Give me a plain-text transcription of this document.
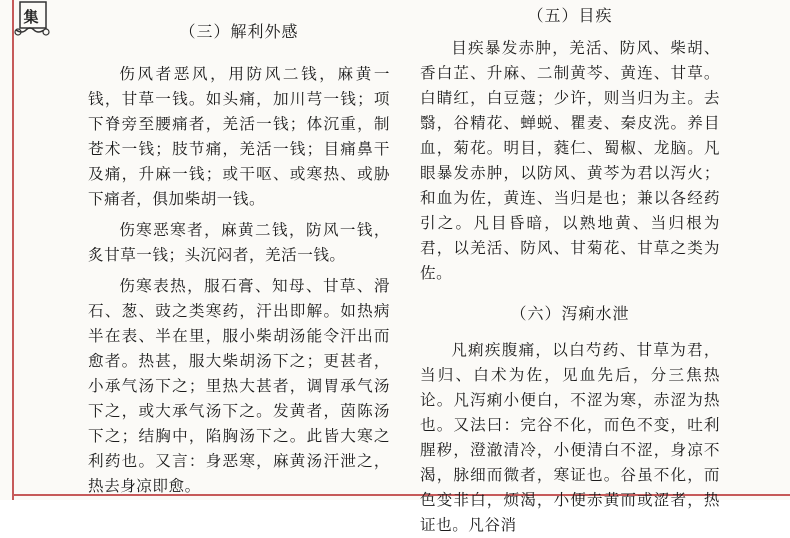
集
（三）解利外感

伤风者恶风，用防风二钱，麻黄一钱，甘草一钱。如头痛，加川芎一钱；项下脊旁至腰痛者，羌活一钱；体沉重，制苍术一钱；肢节痛，羌活一钱；目痛鼻干及痛，升麻一钱；或干呕、或寒热、或胁下痛者，俱加柴胡一钱。

伤寒恶寒者，麻黄二钱，防风一钱，炙甘草一钱；头沉闷者，羌活一钱。

伤寒表热，服石膏、知母、甘草、滑石、葱、豉之类寒药，汗出即解。如热病半在表、半在里，服小柴胡汤能令汗出而愈者。热甚，服大柴胡汤下之；更甚者，小承气汤下之；里热大甚者，调胃承气汤下之，或大承气汤下之。发黄者，茵陈汤下之；结胸中，陷胸汤下之。此皆大寒之利药也。又言：身恶寒，麻黄汤汗泄之，热去身凉即愈。

（五）目疾

目疾暴发赤肿，羌活、防风、柴胡、香白芷、升麻、二制黄芩、黄连、甘草。白睛红，白豆蔻；少许，则当归为主。去翳，谷精花、蝉蜕、瞿麦、秦皮洗。养目血，菊花。明目，蕤仁、蜀椒、龙脑。凡眼暴发赤肿，以防风、黄芩为君以泻火；和血为佐，黄连、当归是也；兼以各经药引之。凡目昏暗，以熟地黄、当归根为君，以羌活、防风、甘菊花、甘草之类为佐。

（六）泻痢水泄

凡痢疾腹痛，以白芍药、甘草为君，当归、白术为佐，见血先后，分三焦热论。凡泻痢小便白，不涩为寒，赤涩为热也。又法曰：完谷不化，而色不变，吐利腥秽，澄澈清冷，小便清白不涩，身凉不渴，脉细而微者，寒证也。谷虽不化，而色变非白，烦渴，小便赤黄而或涩者，热证也。凡谷消
